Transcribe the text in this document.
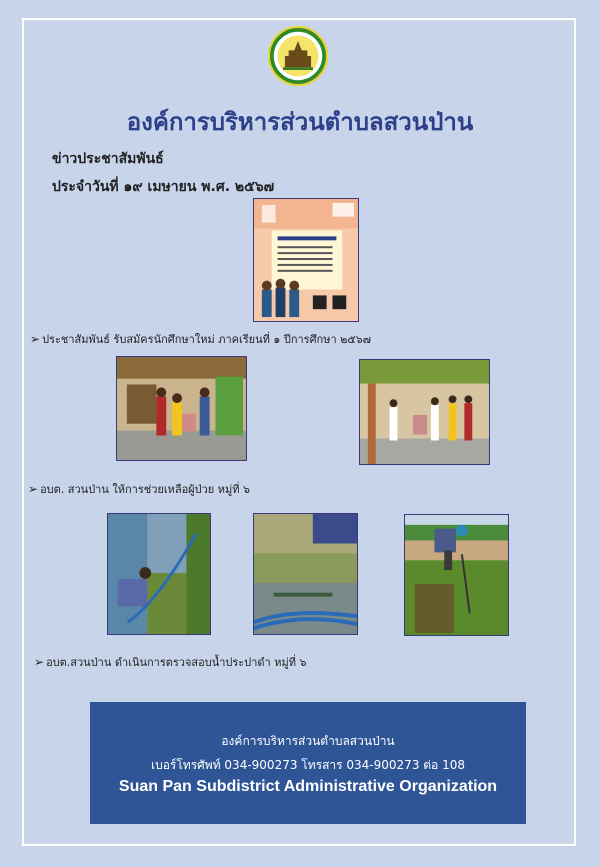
องค์การบริหารส่วนตำบลสวนป่าน
ข่าวประชาสัมพันธ์
ประจำวันที่ ๑๙ เมษายน พ.ศ. ๒๕๖๗
➢ ประชาสัมพันธ์ รับสมัครนักศึกษาใหม่ ภาคเรียนที่ ๑ ปีการศึกษา ๒๕๖๗
➢ อบต. สวนป่าน ให้การช่วยเหลือผู้ป่วย หมู่ที่ ๖
➢ อบต.สวนป่าน ดำเนินการตรวจสอบน้ำประปาดำ หมู่ที่ ๖
องค์การบริหารส่วนตำบลสวนป่าน
เบอร์โทรศัพท์ 034-900273 โทรสาร 034-900273 ต่อ 108
Suan Pan Subdistrict Administrative Organization
